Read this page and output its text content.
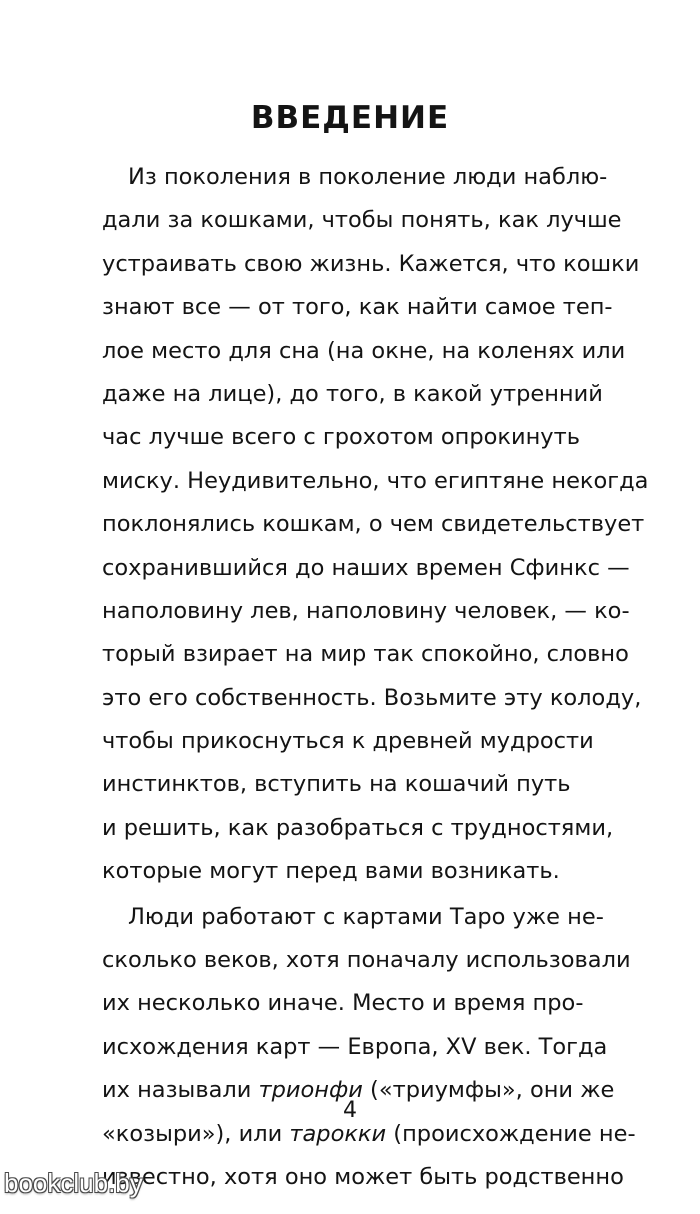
ВВЕДЕНИЕ
Из поколения в поколение люди наблю-
дали за кошками, чтобы понять, как лучше
устраивать свою жизнь. Кажется, что кошки
знают все — от того, как найти самое теп-
лое место для сна (на окне, на коленях или
даже на лице), до того, в какой утренний
час лучше всего с грохотом опрокинуть
миску. Неудивительно, что египтяне некогда
поклонялись кошкам, о чем свидетельствует
сохранившийся до наших времен Сфинкс —
наполовину лев, наполовину человек, — ко-
торый взирает на мир так спокойно, словно
это его собственность. Возьмите эту колоду,
чтобы прикоснуться к древней мудрости
инстинктов, вступить на кошачий путь
и решить, как разобраться с трудностями,
которые могут перед вами возникать.
Люди работают с картами Таро уже не-
сколько веков, хотя поначалу использовали
их несколько иначе. Место и время про-
исхождения карт — Европа, XV век. Тогда
их называли трионфи («триумфы», они же
«козыри»), или тарокки (происхождение не-
известно, хотя оно может быть родственно
4
bookclub.by
